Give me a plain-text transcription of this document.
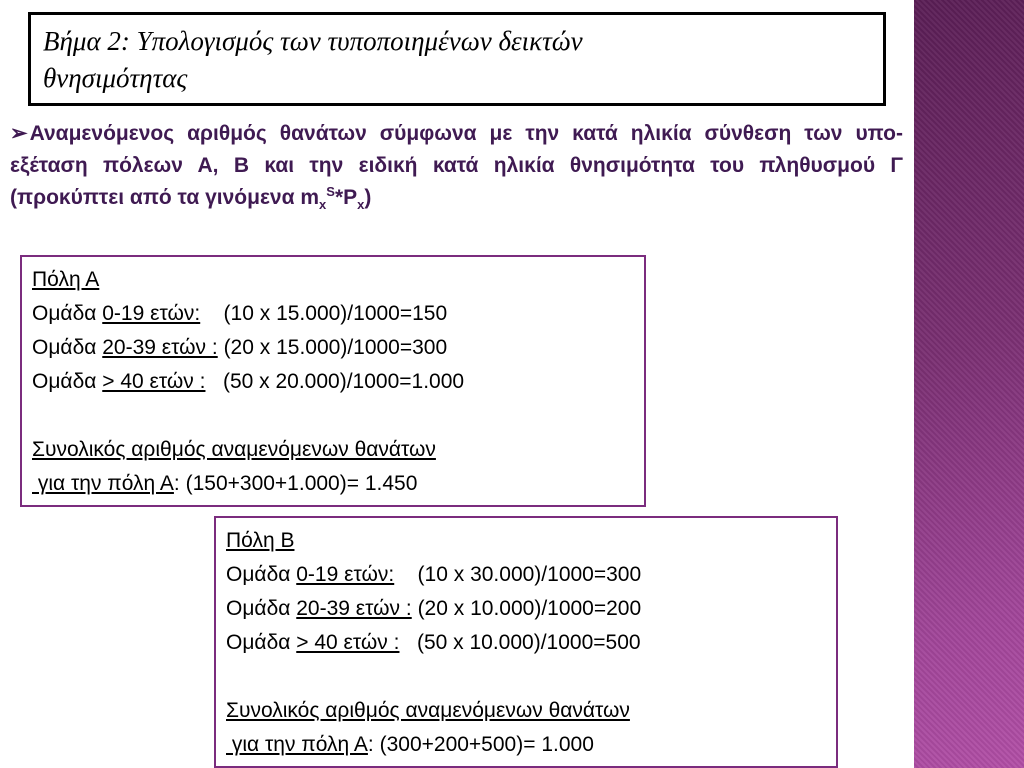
Βήμα 2: Υπολογισμός των τυποποιημένων δεικτών
θνησιμότητας
➢Αναμενόμενος αριθμός θανάτων σύμφωνα με την κατά ηλικία σύνθεση των υπο-εξέταση πόλεων Α, Β και την ειδική κατά ηλικία θνησιμότητα του πληθυσμού Γ (προκύπτει από τα γινόμενα $m_x^S*P_x$)
Πόλη Α
Ομάδα 0-19 ετών:    (10 x 15.000)/1000=150
Ομάδα 20-39 ετών : (20 x 15.000)/1000=300
Ομάδα > 40 ετών :   (50 x 20.000)/1000=1.000
Συνολικός αριθμός αναμενόμενων θανάτων
για την πόλη Α: (150+300+1.000)= 1.450
Πόλη Β
Ομάδα 0-19 ετών:    (10 x 30.000)/1000=300
Ομάδα 20-39 ετών : (20 x 10.000)/1000=200
Ομάδα > 40 ετών :   (50 x 10.000)/1000=500
Συνολικός αριθμός αναμενόμενων θανάτων
για την πόλη Α: (300+200+500)= 1.000
